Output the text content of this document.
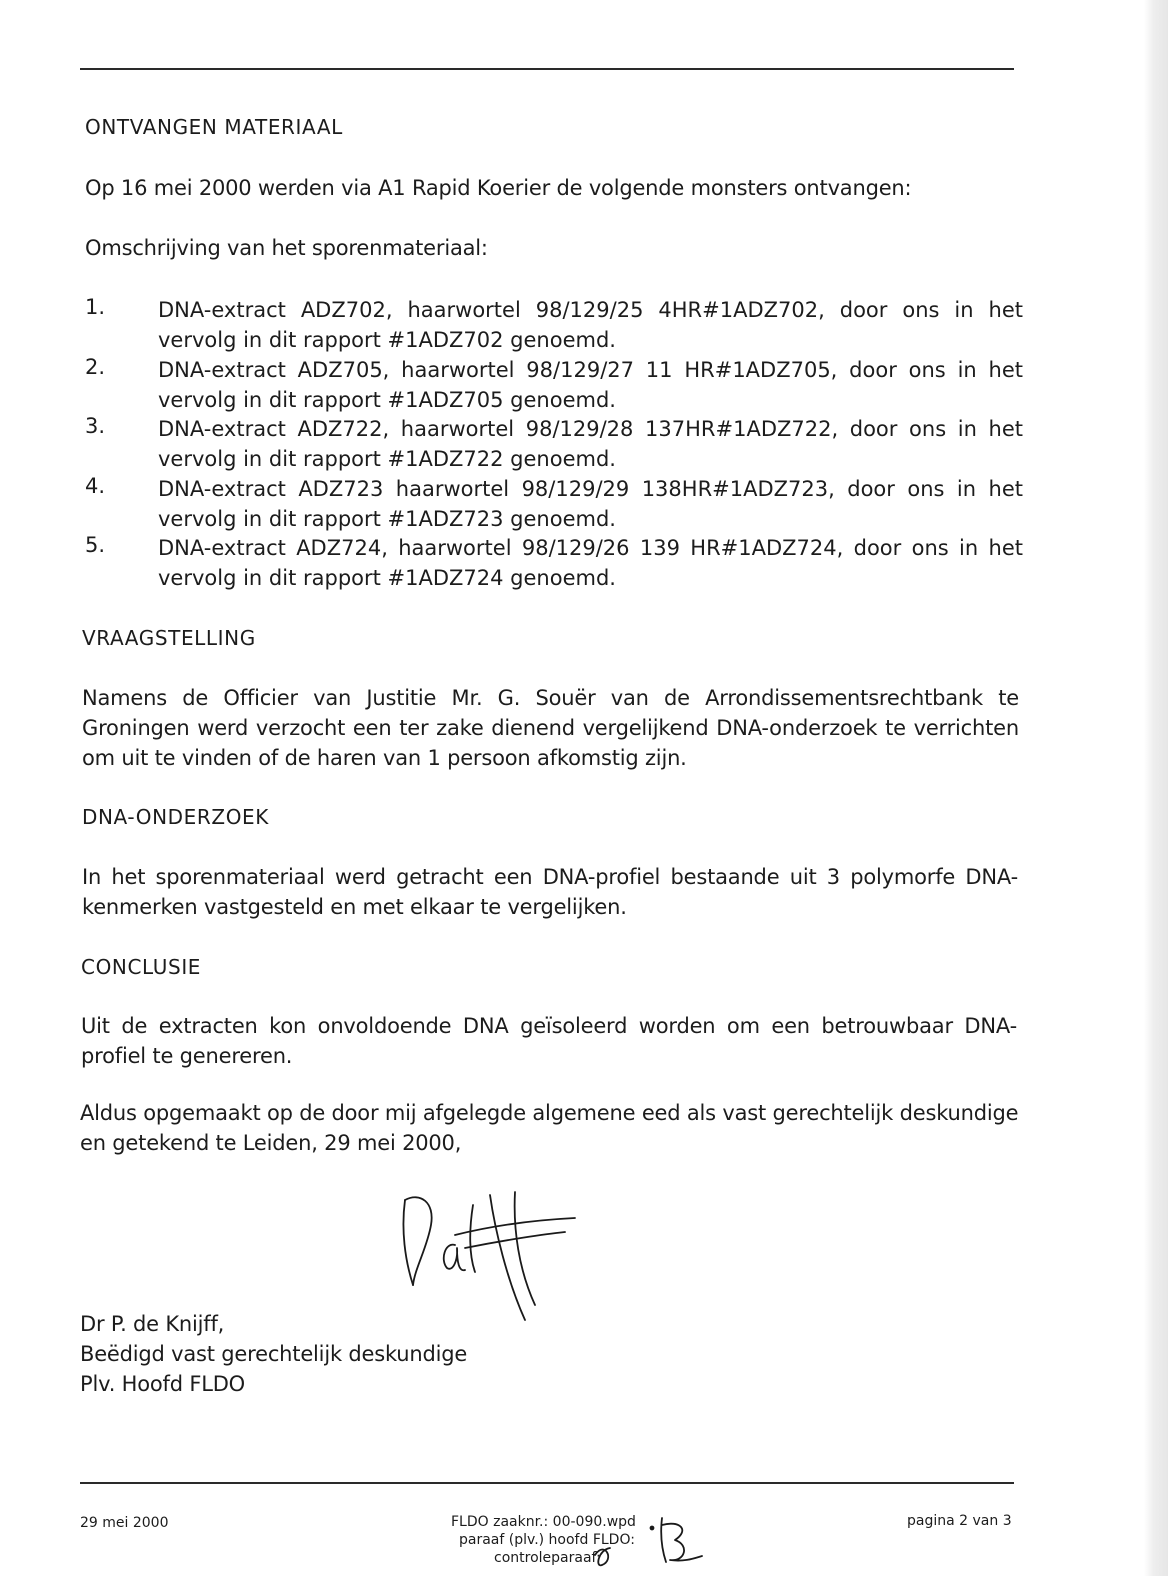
ONTVANGEN MATERIAAL

Op 16 mei 2000 werden via A1 Rapid Koerier de volgende monsters ontvangen:

Omschrijving van het sporenmateriaal:

1.	DNA-extract ADZ702, haarwortel 98/129/25 4HR#1ADZ702, door ons in het
vervolg in dit rapport #1ADZ702 genoemd.
2.	DNA-extract ADZ705, haarwortel 98/129/27 11 HR#1ADZ705, door ons in het
vervolg in dit rapport #1ADZ705 genoemd.
3.	DNA-extract ADZ722, haarwortel 98/129/28 137HR#1ADZ722, door ons in het
vervolg in dit rapport #1ADZ722 genoemd.
4.	DNA-extract ADZ723 haarwortel 98/129/29 138HR#1ADZ723, door ons in het
vervolg in dit rapport #1ADZ723 genoemd.
5.	DNA-extract ADZ724, haarwortel 98/129/26 139 HR#1ADZ724, door ons in het
vervolg in dit rapport #1ADZ724 genoemd.

VRAAGSTELLING

Namens de Officier van Justitie Mr. G. Souër van de Arrondissementsrechtbank te
Groningen werd verzocht een ter zake dienend vergelijkend DNA-onderzoek te verrichten
om uit te vinden of de haren van 1 persoon afkomstig zijn.

DNA-ONDERZOEK

In het sporenmateriaal werd getracht een DNA-profiel bestaande uit 3 polymorfe DNA-
kenmerken vastgesteld en met elkaar te vergelijken.

CONCLUSIE

Uit de extracten kon onvoldoende DNA geïsoleerd worden om een betrouwbaar DNA-
profiel te genereren.
Aldus opgemaakt op de door mij afgelegde algemene eed als vast gerechtelijk deskundige
en getekend te Leiden, 29 mei 2000,

Dr P. de Knijff,

Beëdigd vast gerechtelijk deskundige

Plv. Hoofd FLDO

29 mei 2000	FLDO zaaknr.: 00-090.wpd

paraaf (plv.) hoofd FLDO:

controleparaaf:

pagina 2 van 3
